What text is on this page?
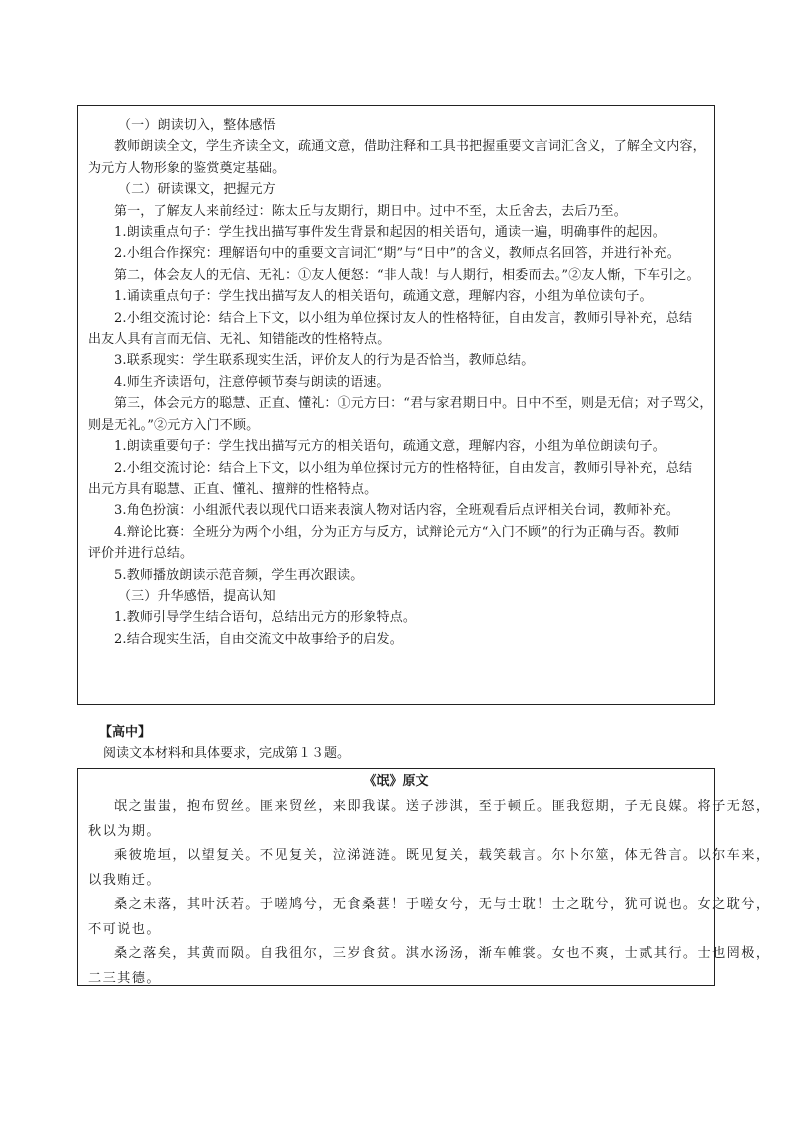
（一）朗读切入，整体感悟
教师朗读全文，学生齐读全文，疏通文意，借助注释和工具书把握重要文言词汇含义，了解全文内容，
为元方人物形象的鉴赏奠定基础。
（二）研读课文，把握元方
第一，了解友人来前经过：陈太丘与友期行，期日中。过中不至，太丘舍去，去后乃至。
1.朗读重点句子：学生找出描写事件发生背景和起因的相关语句，通读一遍，明确事件的起因。
2.小组合作探究：理解语句中的重要文言词汇“期”与“日中”的含义，教师点名回答，并进行补充。
第二，体会友人的无信、无礼：①友人便怒：“非人哉！与人期行，相委而去。”②友人惭，下车引之。
1.诵读重点句子：学生找出描写友人的相关语句，疏通文意，理解内容，小组为单位读句子。
2.小组交流讨论：结合上下文，以小组为单位探讨友人的性格特征，自由发言，教师引导补充，总结
出友人具有言而无信、无礼、知错能改的性格特点。
3.联系现实：学生联系现实生活，评价友人的行为是否恰当，教师总结。
4.师生齐读语句，注意停顿节奏与朗读的语速。
第三，体会元方的聪慧、正直、懂礼：①元方曰：“君与家君期日中。日中不至，则是无信；对子骂父，
则是无礼。”②元方入门不顾。
1.朗读重要句子：学生找出描写元方的相关语句，疏通文意，理解内容，小组为单位朗读句子。
2.小组交流讨论：结合上下文，以小组为单位探讨元方的性格特征，自由发言，教师引导补充，总结
出元方具有聪慧、正直、懂礼、擅辩的性格特点。
3.角色扮演：小组派代表以现代口语来表演人物对话内容，全班观看后点评相关台词，教师补充。
4.辩论比赛：全班分为两个小组，分为正方与反方，试辩论元方“入门不顾”的行为正确与否。教师
评价并进行总结。
5.教师播放朗读示范音频，学生再次跟读。
（三）升华感悟，提高认知
1.教师引导学生结合语句，总结出元方的形象特点。
2.结合现实生活，自由交流文中故事给予的启发。
【高中】
阅读文本材料和具体要求，完成第１３题。
《氓》原文
氓之蚩蚩，抱布贸丝。匪来贸丝，来即我谋。送子涉淇，至于顿丘。匪我愆期，子无良媒。将子无怒，
秋以为期。
乘彼垝垣，以望复关。不见复关，泣涕涟涟。既见复关，载笑载言。尔卜尔筮，体无咎言。以尔车来，
以我贿迁。
桑之未落，其叶沃若。于嗟鸠兮，无食桑葚！于嗟女兮，无与士耽！士之耽兮，犹可说也。女之耽兮，
不可说也。
桑之落矣，其黄而陨。自我徂尔，三岁食贫。淇水汤汤，渐车帷裳。女也不爽，士贰其行。士也罔极，
二三其德。
